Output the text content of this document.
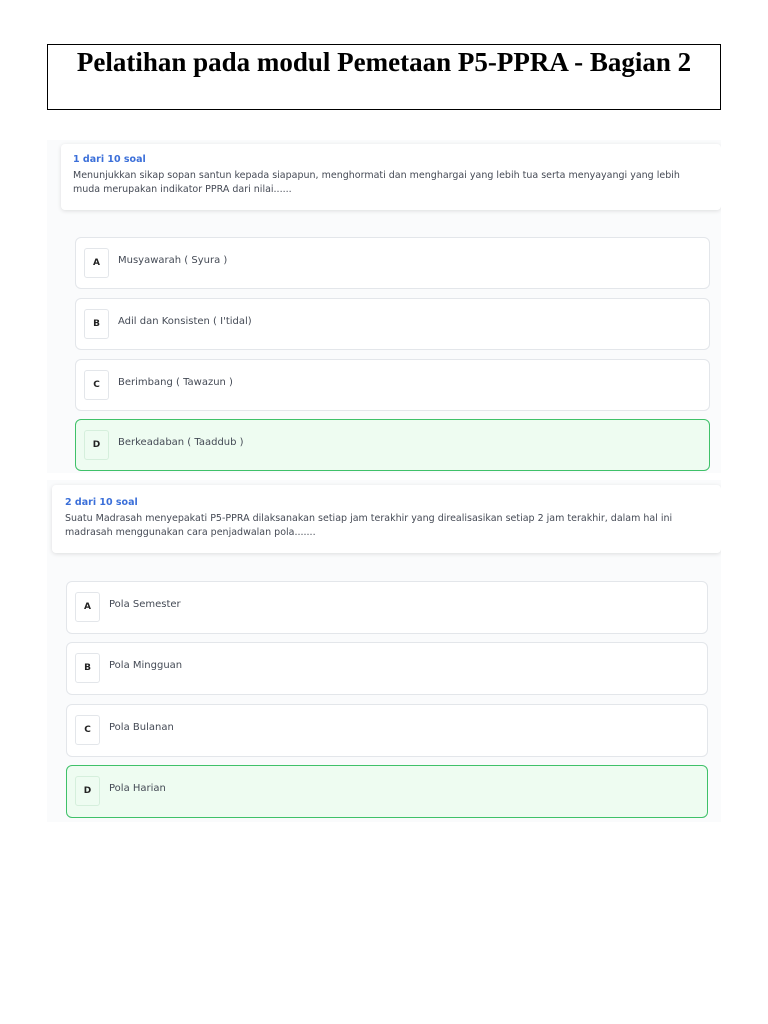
Pelatihan pada modul Pemetaan P5-PPRA - Bagian 2
1 dari 10 soal
Menunjukkan sikap sopan santun kepada siapapun, menghormati dan menghargai yang lebih tua serta menyayangi yang lebih muda merupakan indikator PPRA dari nilai......
A	Musyawarah ( Syura )
B	Adil dan Konsisten ( I'tidal)
C	Berimbang ( Tawazun )
D	Berkeadaban ( Taaddub )
2 dari 10 soal
Suatu Madrasah menyepakati P5-PPRA dilaksanakan setiap jam terakhir yang direalisasikan setiap 2 jam terakhir, dalam hal ini madrasah menggunakan cara penjadwalan pola.......
A	Pola Semester
B	Pola Mingguan
C	Pola Bulanan
D	Pola Harian
